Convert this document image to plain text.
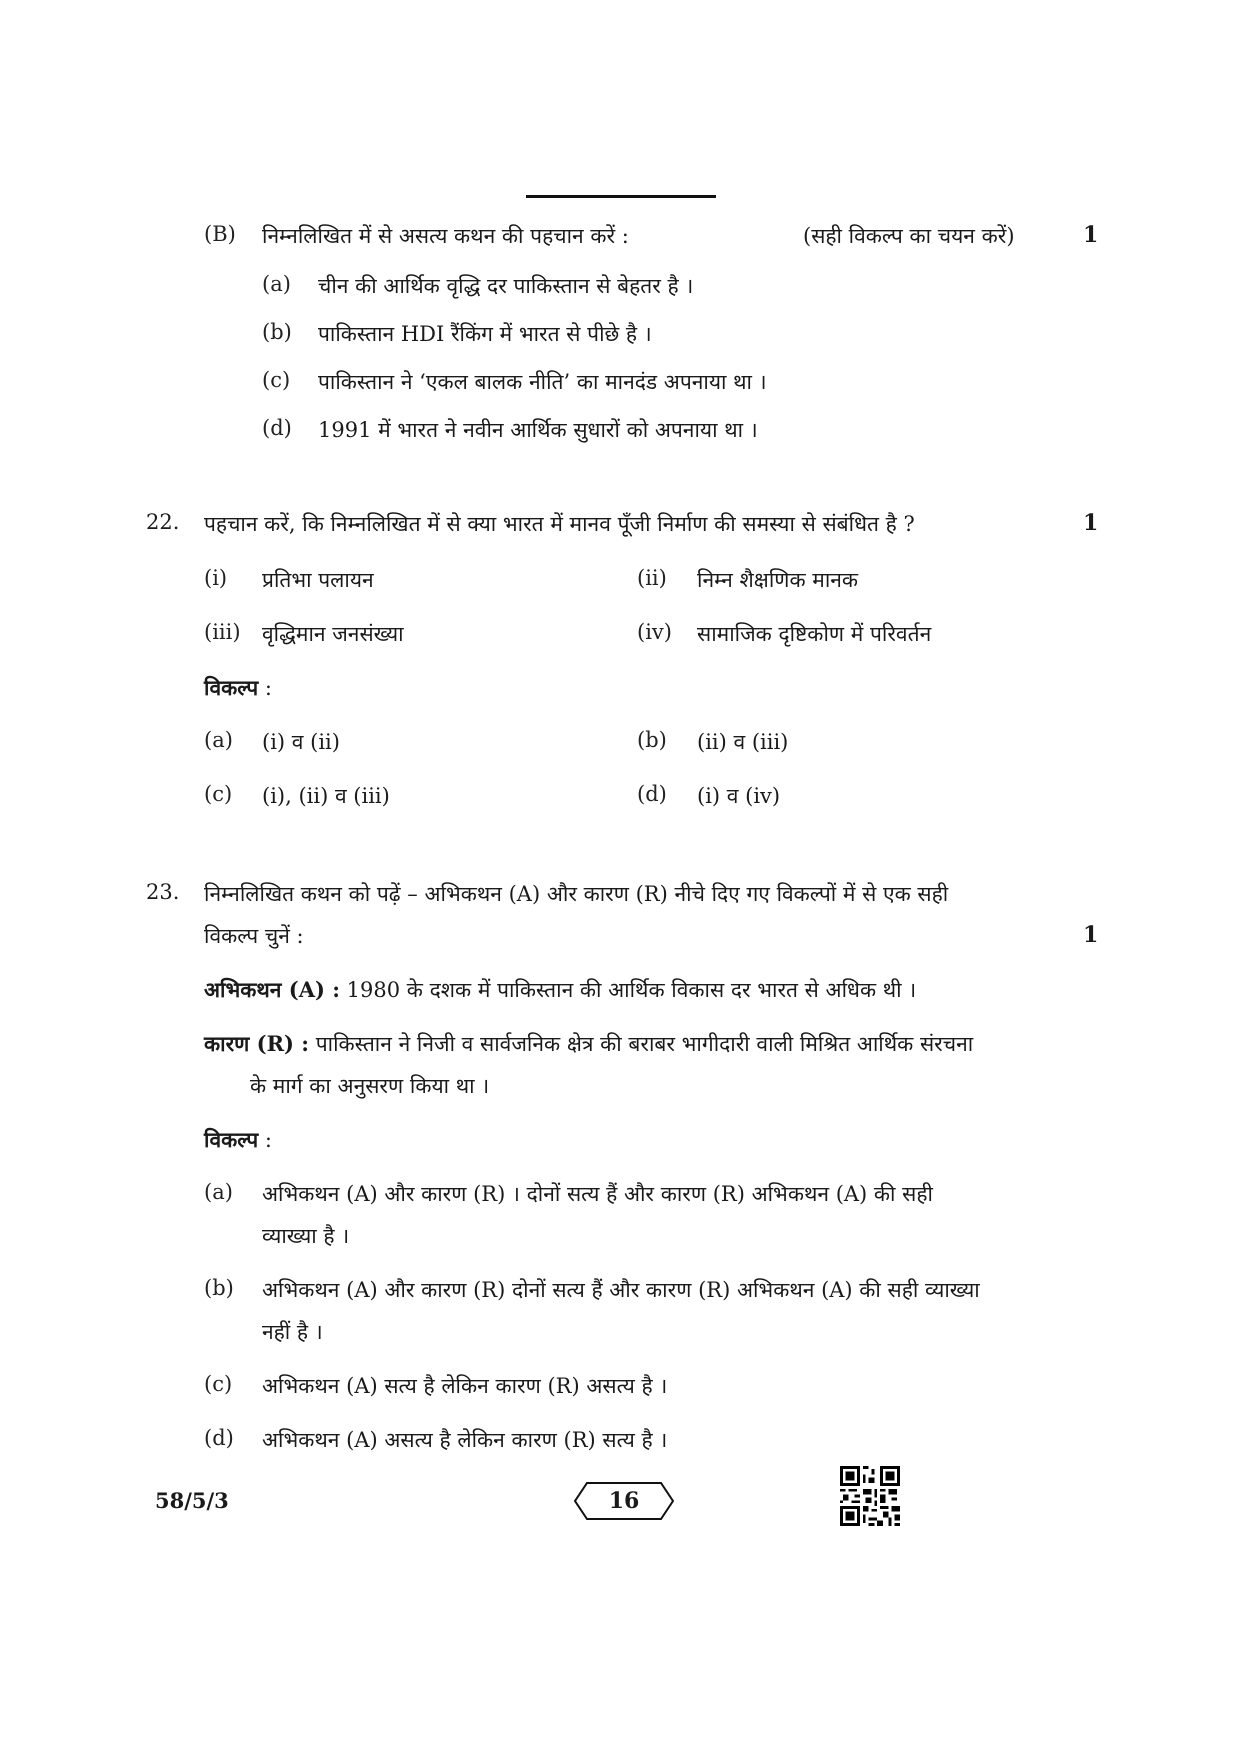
(B) निम्नलिखित में से असत्य कथन की पहचान करें :	(सही विकल्प का चयन करें)	1
(a) चीन की आर्थिक वृद्धि दर पाकिस्तान से बेहतर है ।
(b) पाकिस्तान HDI रैंकिंग में भारत से पीछे है ।
(c) पाकिस्तान ने ‘एकल बालक नीति’ का मानदंड अपनाया था ।
(d) 1991 में भारत ने नवीन आर्थिक सुधारों को अपनाया था ।
22. पहचान करें, कि निम्नलिखित में से क्या भारत में मानव पूँजी निर्माण की समस्या से संबंधित है ?	1
(i) प्रतिभा पलायन	(ii) निम्न शैक्षणिक मानक
(iii) वृद्धिमान जनसंख्या	(iv) सामाजिक दृष्टिकोण में परिवर्तन
विकल्प :
(a) (i) व (ii)	(b) (ii) व (iii)
(c) (i), (ii) व (iii)	(d) (i) व (iv)
23. निम्नलिखित कथन को पढ़ें – अभिकथन (A) और कारण (R) नीचे दिए गए विकल्पों में से एक सही
विकल्प चुनें :	1
अभिकथन (A) : 1980 के दशक में पाकिस्तान की आर्थिक विकास दर भारत से अधिक थी ।
कारण (R) : पाकिस्तान ने निजी व सार्वजनिक क्षेत्र की बराबर भागीदारी वाली मिश्रित आर्थिक संरचना
के मार्ग का अनुसरण किया था ।
विकल्प :
(a) अभिकथन (A) और कारण (R) । दोनों सत्य हैं और कारण (R) अभिकथन (A) की सही
व्याख्या है ।
(b) अभिकथन (A) और कारण (R) दोनों सत्य हैं और कारण (R) अभिकथन (A) की सही व्याख्या
नहीं है ।
(c) अभिकथन (A) सत्य है लेकिन कारण (R) असत्य है ।
(d) अभिकथन (A) असत्य है लेकिन कारण (R) सत्य है ।
58/5/3	16
